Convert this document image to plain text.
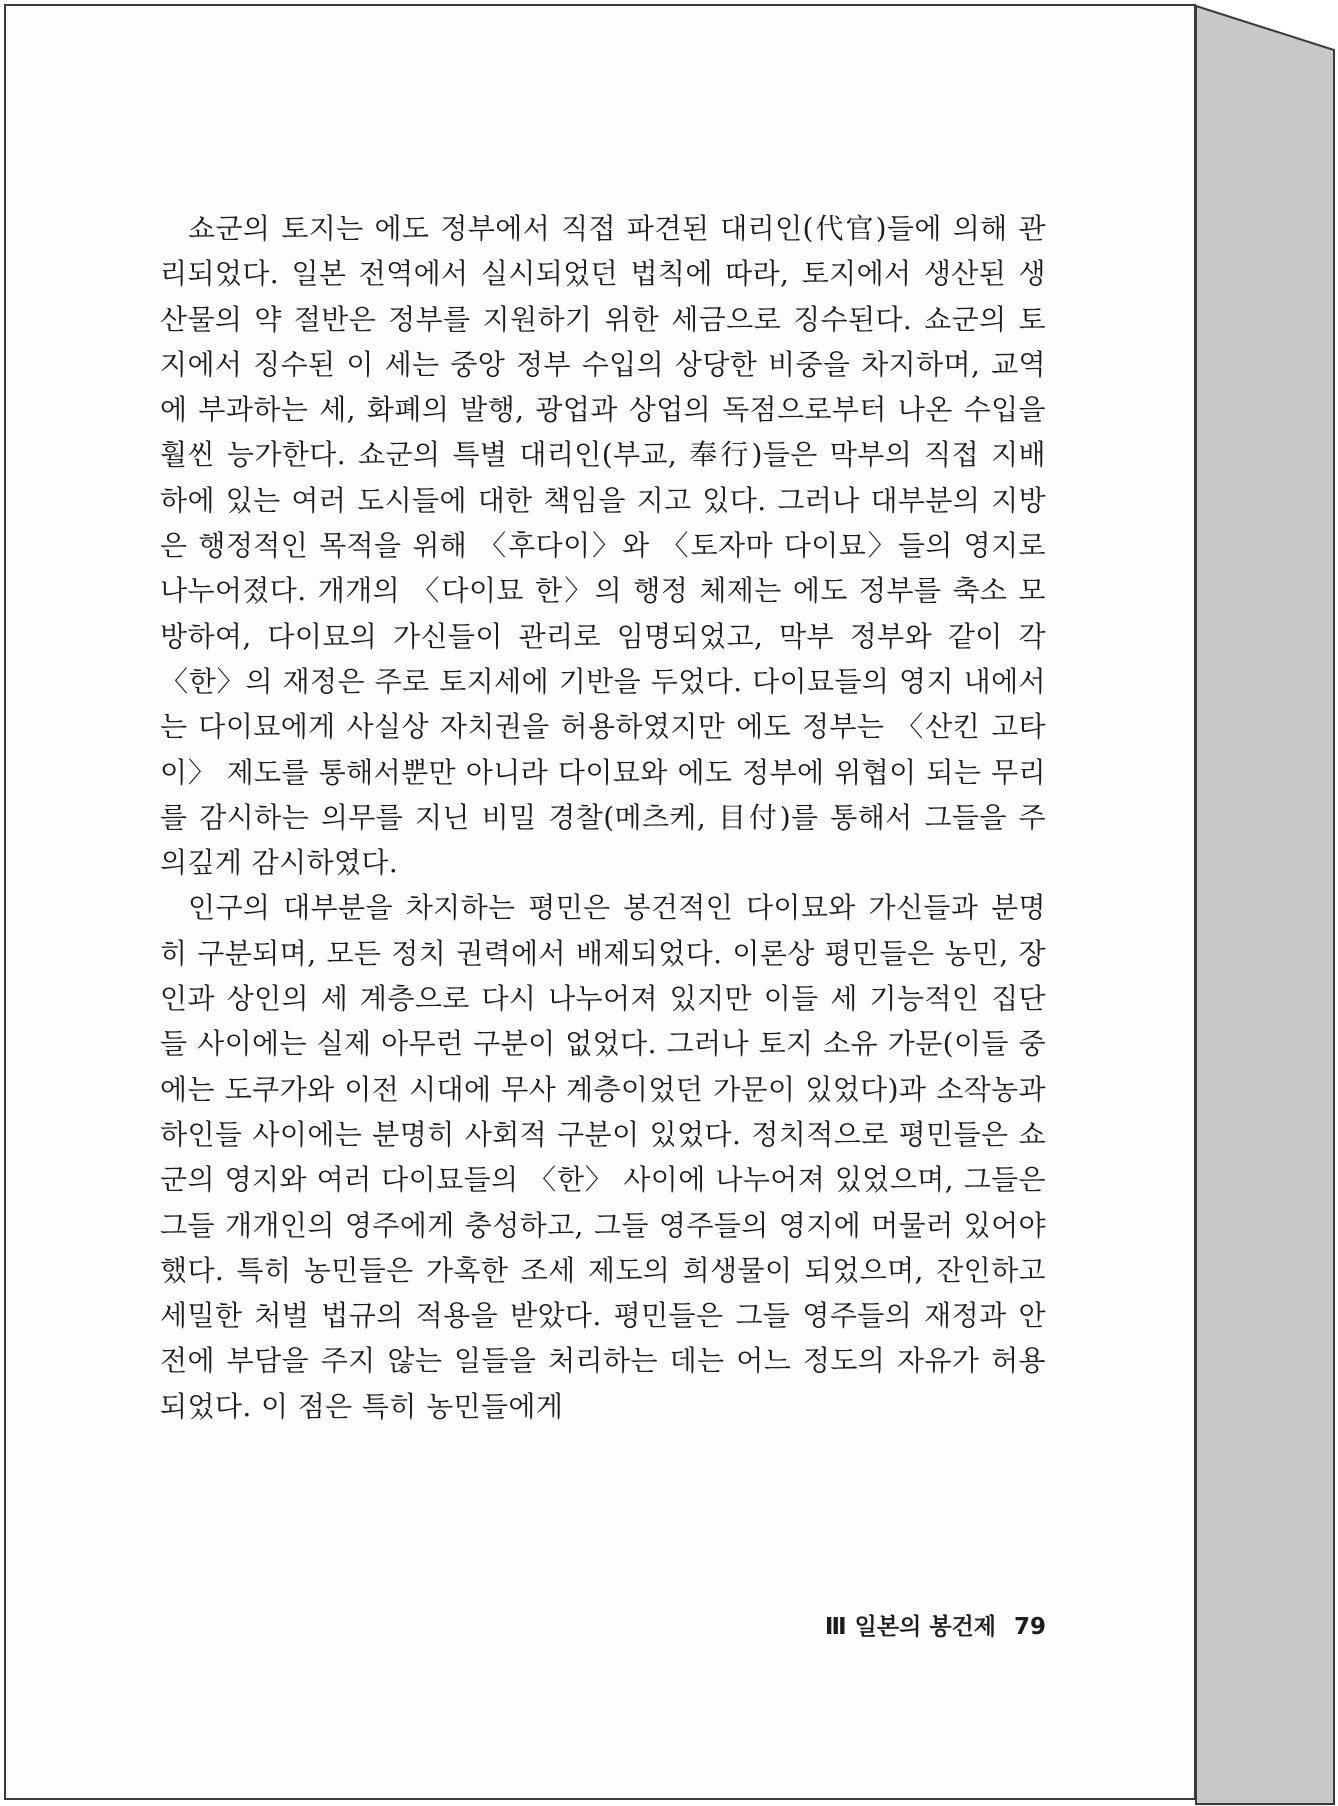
쇼군의 토지는 에도 정부에서 직접 파견된 대리인(代官)들에 의해 관리되었다. 일본 전역에서 실시되었던 법칙에 따라, 토지에서 생산된 생산물의 약 절반은 정부를 지원하기 위한 세금으로 징수된다. 쇼군의 토지에서 징수된 이 세는 중앙 정부 수입의 상당한 비중을 차지하며, 교역에 부과하는 세, 화폐의 발행, 광업과 상업의 독점으로부터 나온 수입을 훨씬 능가한다. 쇼군의 특별 대리인(부교, 奉行)들은 막부의 직접 지배하에 있는 여러 도시들에 대한 책임을 지고 있다. 그러나 대부분의 지방은 행정적인 목적을 위해 〈후다이〉와 〈토자마 다이묘〉들의 영지로 나누어졌다. 개개의 〈다이묘 한〉의 행정 체제는 에도 정부를 축소 모방하여, 다이묘의 가신들이 관리로 임명되었고, 막부 정부와 같이 각 〈한〉의 재정은 주로 토지세에 기반을 두었다. 다이묘들의 영지 내에서는 다이묘에게 사실상 자치권을 허용하였지만 에도 정부는 〈산킨 고타이〉 제도를 통해서뿐만 아니라 다이묘와 에도 정부에 위협이 되는 무리를 감시하는 의무를 지닌 비밀 경찰(메츠케, 目付)를 통해서 그들을 주의깊게 감시하였다.

인구의 대부분을 차지하는 평민은 봉건적인 다이묘와 가신들과 분명히 구분되며, 모든 정치 권력에서 배제되었다. 이론상 평민들은 농민, 장인과 상인의 세 계층으로 다시 나누어져 있지만 이들 세 기능적인 집단들 사이에는 실제 아무런 구분이 없었다. 그러나 토지 소유 가문(이들 중에는 도쿠가와 이전 시대에 무사 계층이었던 가문이 있었다)과 소작농과 하인들 사이에는 분명히 사회적 구분이 있었다. 정치적으로 평민들은 쇼군의 영지와 여러 다이묘들의 〈한〉 사이에 나누어져 있었으며, 그들은 그들 개개인의 영주에게 충성하고, 그들 영주들의 영지에 머물러 있어야 했다. 특히 농민들은 가혹한 조세 제도의 희생물이 되었으며, 잔인하고 세밀한 처벌 법규의 적용을 받았다. 평민들은 그들 영주들의 재정과 안전에 부담을 주지 않는 일들을 처리하는 데는 어느 정도의 자유가 허용되었다. 이 점은 특히 농민들에게

Ⅲ 일본의 봉건제 79
